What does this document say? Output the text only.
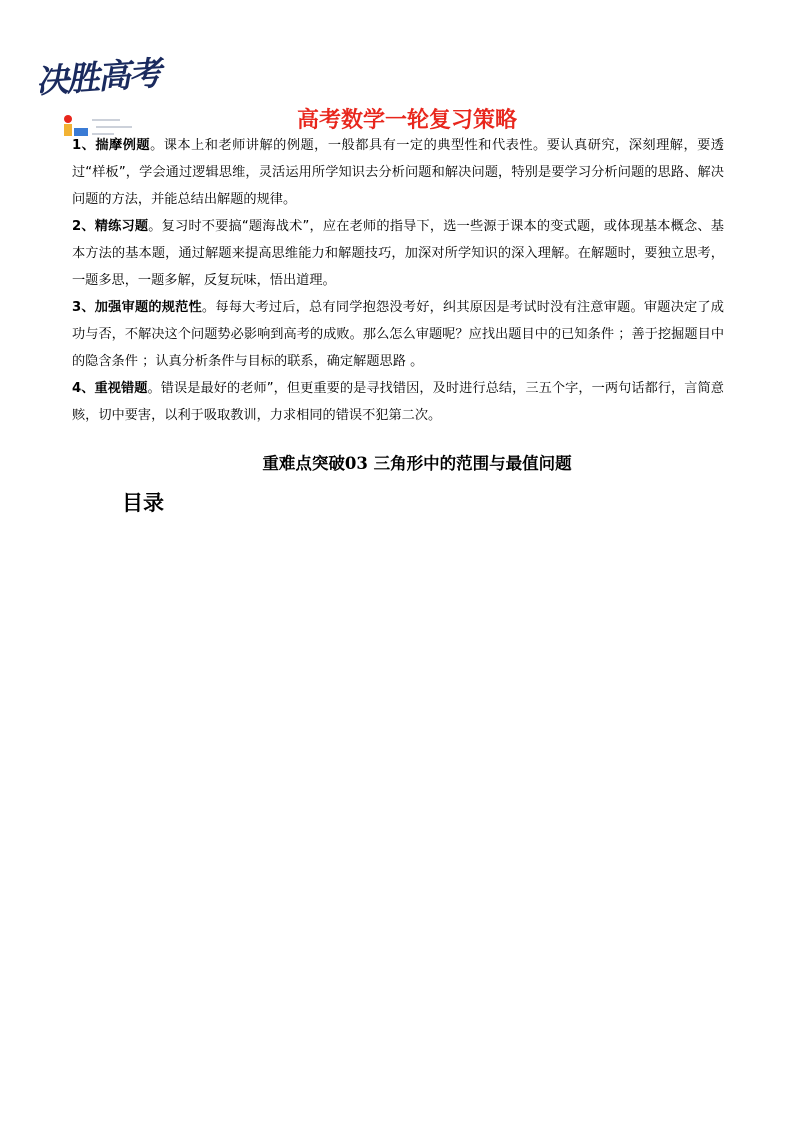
决胜高考
高考数学一轮复习策略

1、揣摩例题。课本上和老师讲解的例题，一般都具有一定的典型性和代表性。要认真研究，深刻理解，要透过“样板”，学会通过逻辑思维，灵活运用所学知识去分析问题和解决问题，特别是要学习分析问题的思路、解决问题的方法，并能总结出解题的规律。

2、精练习题。复习时不要搞“题海战术”，应在老师的指导下，选一些源于课本的变式题，或体现基本概念、基本方法的基本题，通过解题来提高思维能力和解题技巧，加深对所学知识的深入理解。在解题时，要独立思考，一题多思，一题多解，反复玩味，悟出道理。

3、加强审题的规范性。每每大考过后，总有同学抱怨没考好，纠其原因是考试时没有注意审题。审题决定了成功与否，不解决这个问题势必影响到高考的成败。那么怎么审题呢？应找出题目中的已知条件 ；善于挖掘题目中的隐含条件 ；认真分析条件与目标的联系，确定解题思路 。

4、重视错题。错误是最好的老师”，但更重要的是寻找错因，及时进行总结，三五个字，一两句话都行，言简意赅，切中要害，以利于吸取教训，力求相同的错误不犯第二次。

重难点突破03 三角形中的范围与最值问题
目录
